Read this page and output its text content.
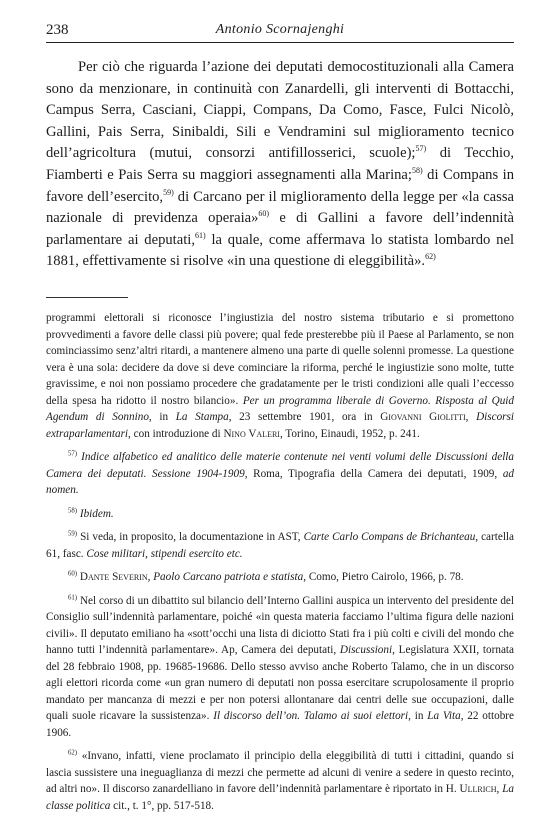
238	Antonio Scornajenghi

Per ciò che riguarda l’azione dei deputati democostituzionali alla Camera sono da menzionare, in continuità con Zanardelli, gli interventi di Bottacchi, Campus Serra, Casciani, Ciappi, Compans, Da Como, Fasce, Fulci Nicolò, Gallini, Pais Serra, Sinibaldi, Sili e Vendramini sul miglioramento tecnico dell’agricoltura (mutui, consorzi antifillosserici, scuole);$^{57)}$ di Tecchio, Fiamberti e Pais Serra su maggiori assegnamenti alla Marina;$^{58)}$ di Compans in favore dell’esercito,$^{59)}$ di Carcano per il miglioramento della legge per «la cassa nazionale di previdenza operaia»$^{60)}$ e di Gallini a favore dell’indennità parlamentare ai deputati,$^{61)}$ la quale, come affermava lo statista lombardo nel 1881, effettivamente si risolve «in una questione di eleggibilità».$^{62)}$

programmi elettorali si riconosce l’ingiustizia del nostro sistema tributario e si promettono provvedimenti a favore delle classi più povere; qual fede presterebbe più il Paese al Parlamento, se non cominciassimo senz’altri ritardi, a mantenere almeno una parte di quelle solenni promesse. La questione vera è una sola: decidere da dove si deve cominciare la riforma, perché le ingiustizie sono molte, tutte gravissime, e noi non possiamo procedere che gradatamente per le tristi condizioni alle quali l’eccesso della spesa ha ridotto il nostro bilancio». Per un programma liberale di Governo. Risposta al Quid Agendum di Sonnino, in La Stampa, 23 settembre 1901, ora in Giovanni Giolitti, Discorsi extraparlamentari, con introduzione di Nino Valeri, Torino, Einaudi, 1952, p. 241.

$^{57)}$ Indice alfabetico ed analitico delle materie contenute nei venti volumi delle Discussioni della Camera dei deputati. Sessione 1904-1909, Roma, Tipografia della Camera dei deputati, 1909, ad nomen.

$^{58)}$ Ibidem.

$^{59)}$ Si veda, in proposito, la documentazione in AST, Carte Carlo Compans de Brichanteau, cartella 61, fasc. Cose militari, stipendi esercito etc.

$^{60)}$ Dante Severin, Paolo Carcano patriota e statista, Como, Pietro Cairolo, 1966, p. 78.

$^{61)}$ Nel corso di un dibattito sul bilancio dell’Interno Gallini auspica un intervento del presidente del Consiglio sull’indennità parlamentare, poiché «in questa materia facciamo l’ultima figura delle nazioni civili». Il deputato emiliano ha «sott’occhi una lista di diciotto Stati fra i più colti e civili del mondo che hanno tutti l’indennità parlamentare». Ap, Camera dei deputati, Discussioni, Legislatura XXII, tornata del 28 febbraio 1908, pp. 19685-19686. Dello stesso avviso anche Roberto Talamo, che in un discorso agli elettori ricorda come «un gran numero di deputati non possa esercitare scrupolosamente il proprio mandato per mancanza di mezzi e per non potersi allontanare dai centri delle sue occupazioni, dalle quali suole ricavare la sussistenza». Il discorso dell’on. Talamo ai suoi elettori, in La Vita, 22 ottobre 1906.

$^{62)}$ «Invano, infatti, viene proclamato il principio della eleggibilità di tutti i cittadini, quando si lascia sussistere una ineguaglianza di mezzi che permette ad alcuni di venire a sedere in questo recinto, ad altri no». Il discorso zanardelliano in favore dell’indennità parlamentare è riportato in H. Ullrich, La classe politica cit., t. 1°, pp. 517-518.
